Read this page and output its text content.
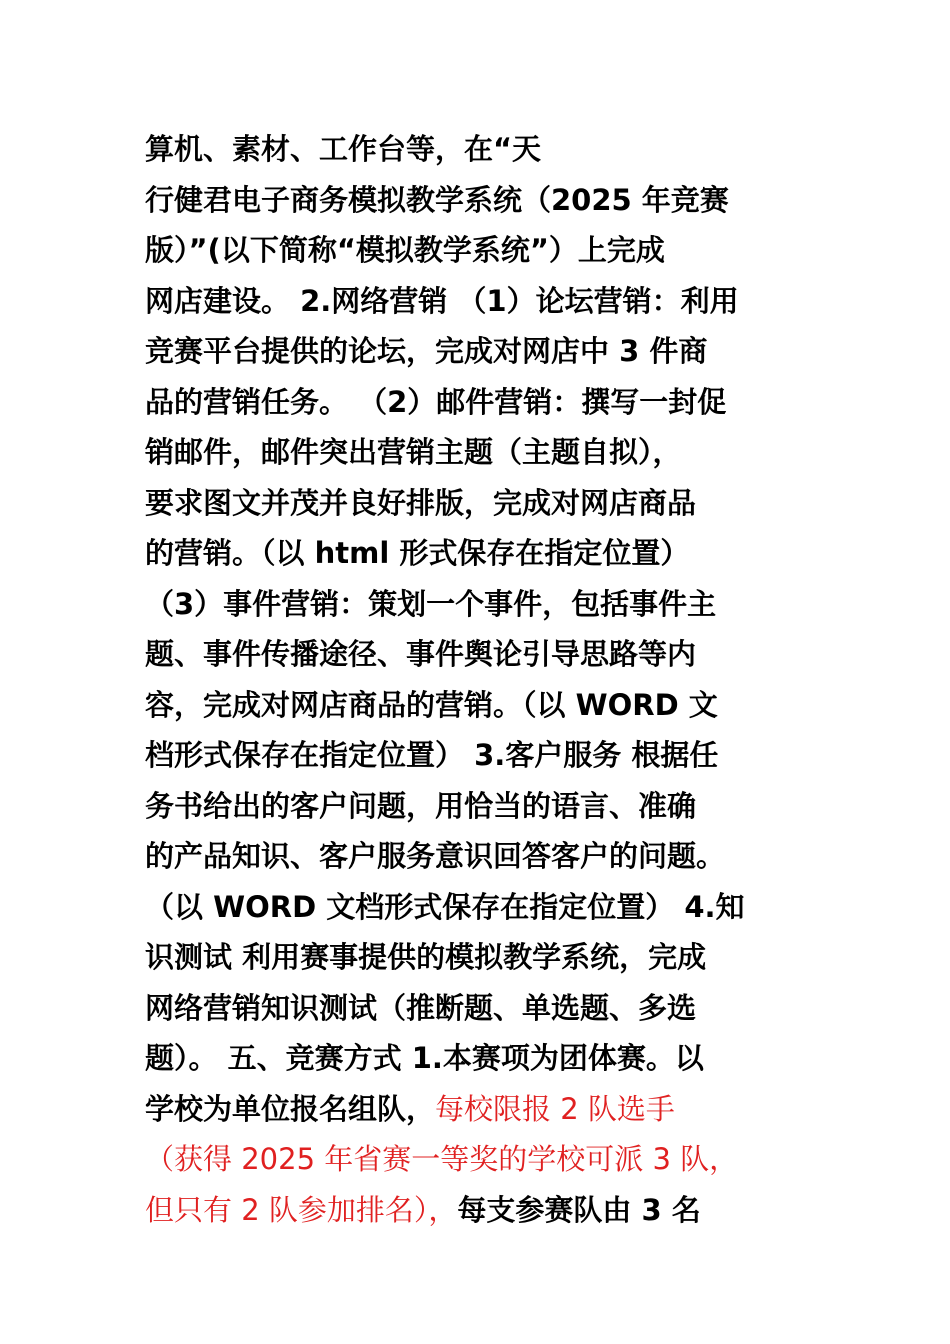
算机、素材、工作台等，在“天
行健君电子商务模拟教学系统（2025 年竞赛
版）”(以下简称“模拟教学系统”）上完成
网店建设。 2.网络营销 （1）论坛营销：利用
竞赛平台提供的论坛，完成对网店中 3 件商
品的营销任务。 （2）邮件营销：撰写一封促
销邮件，邮件突出营销主题（主题自拟），
要求图文并茂并良好排版，完成对网店商品
的营销。（以 html 形式保存在指定位置）
（3）事件营销：策划一个事件，包括事件主
题、事件传播途径、事件舆论引导思路等内
容，完成对网店商品的营销。（以 WORD 文
档形式保存在指定位置） 3.客户服务 根据任
务书给出的客户问题，用恰当的语言、准确
的产品知识、客户服务意识回答客户的问题。
（以 WORD 文档形式保存在指定位置） 4.知
识测试 利用赛事提供的模拟教学系统，完成
网络营销知识测试（推断题、单选题、多选
题）。 五、竞赛方式 1.本赛项为团体赛。以
学校为单位报名组队，每校限报 2 队选手
（获得 2025 年省赛一等奖的学校可派 3 队，
但只有 2 队参加排名），每支参赛队由 3 名
